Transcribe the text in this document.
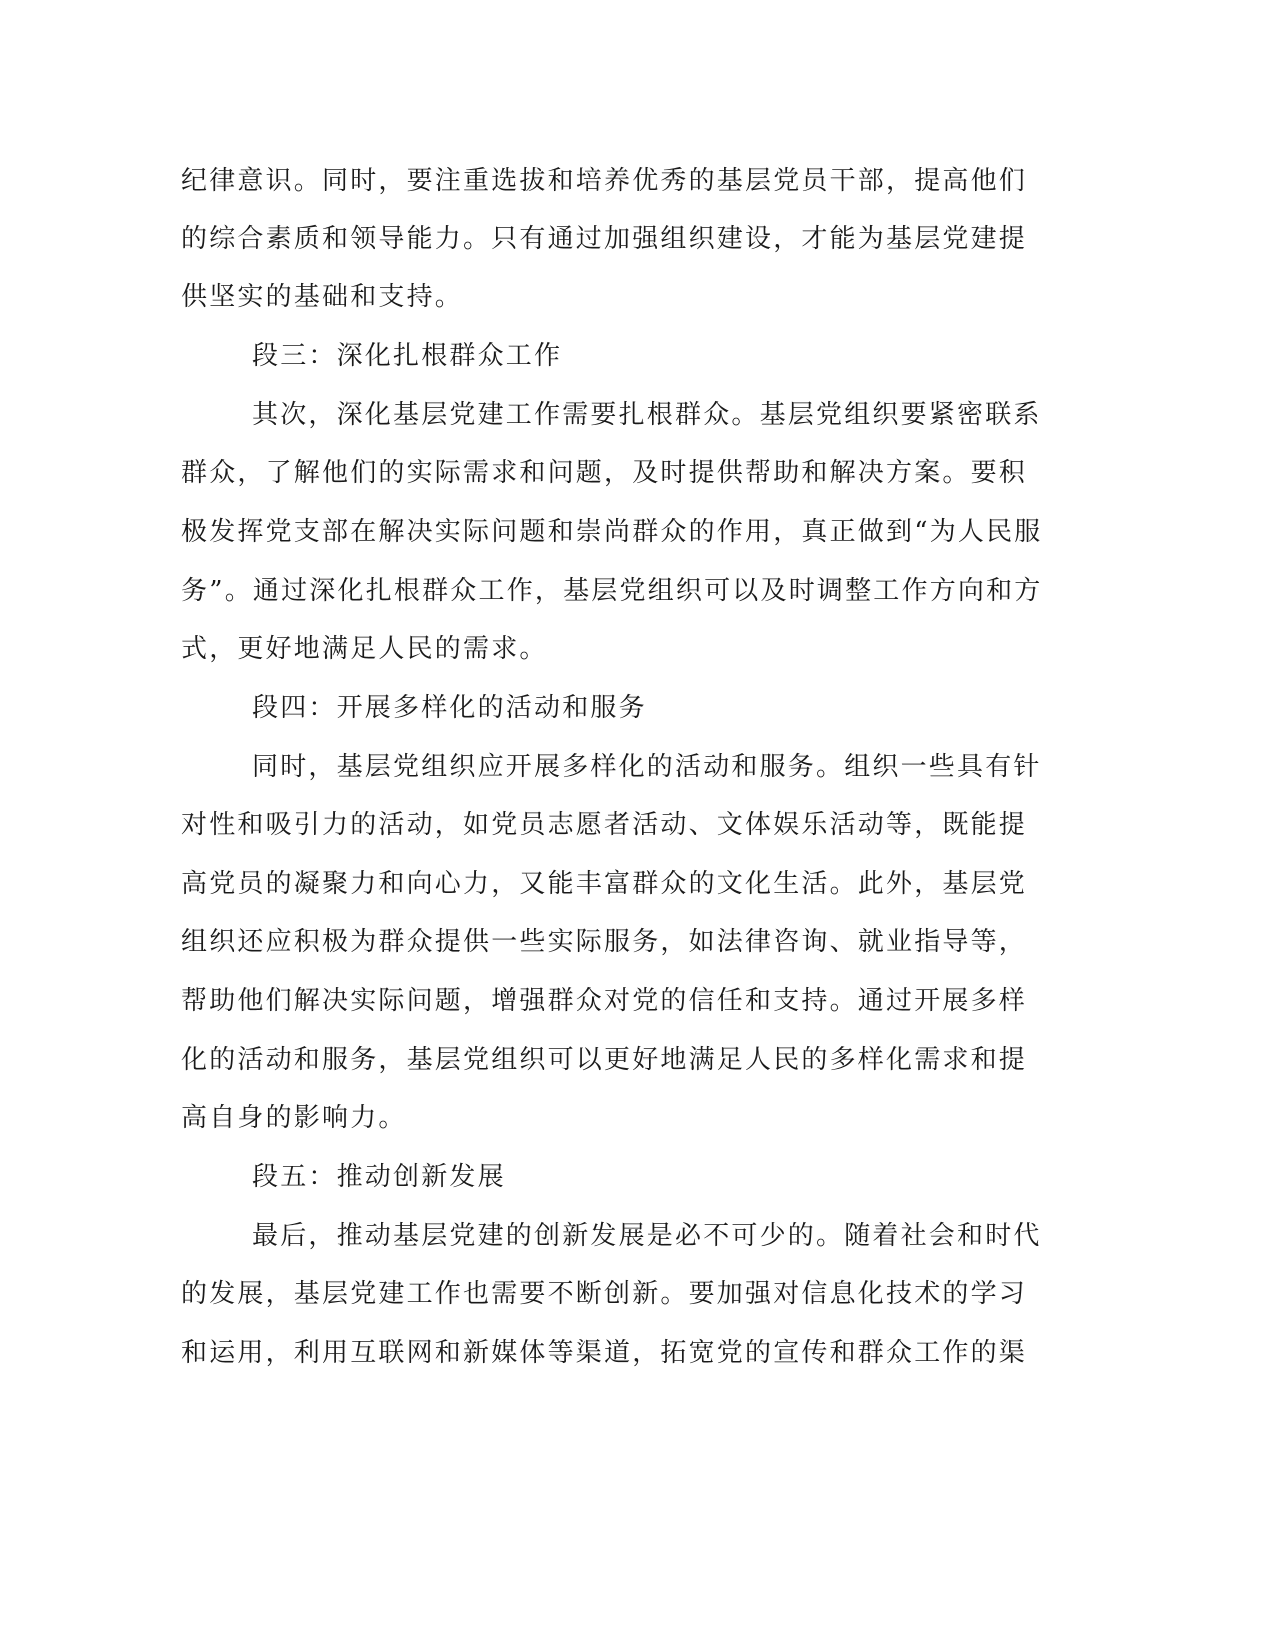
纪律意识。同时，要注重选拔和培养优秀的基层党员干部，提高他们

的综合素质和领导能力。只有通过加强组织建设，才能为基层党建提

供坚实的基础和支持。

段三：深化扎根群众工作

其次，深化基层党建工作需要扎根群众。基层党组织要紧密联系

群众，了解他们的实际需求和问题，及时提供帮助和解决方案。要积

极发挥党支部在解决实际问题和崇尚群众的作用，真正做到“为人民服

务”。通过深化扎根群众工作，基层党组织可以及时调整工作方向和方

式，更好地满足人民的需求。

段四：开展多样化的活动和服务

同时，基层党组织应开展多样化的活动和服务。组织一些具有针

对性和吸引力的活动，如党员志愿者活动、文体娱乐活动等，既能提

高党员的凝聚力和向心力，又能丰富群众的文化生活。此外，基层党

组织还应积极为群众提供一些实际服务，如法律咨询、就业指导等，

帮助他们解决实际问题，增强群众对党的信任和支持。通过开展多样

化的活动和服务，基层党组织可以更好地满足人民的多样化需求和提

高自身的影响力。

段五：推动创新发展

最后，推动基层党建的创新发展是必不可少的。随着社会和时代

的发展，基层党建工作也需要不断创新。要加强对信息化技术的学习

和运用，利用互联网和新媒体等渠道，拓宽党的宣传和群众工作的渠
